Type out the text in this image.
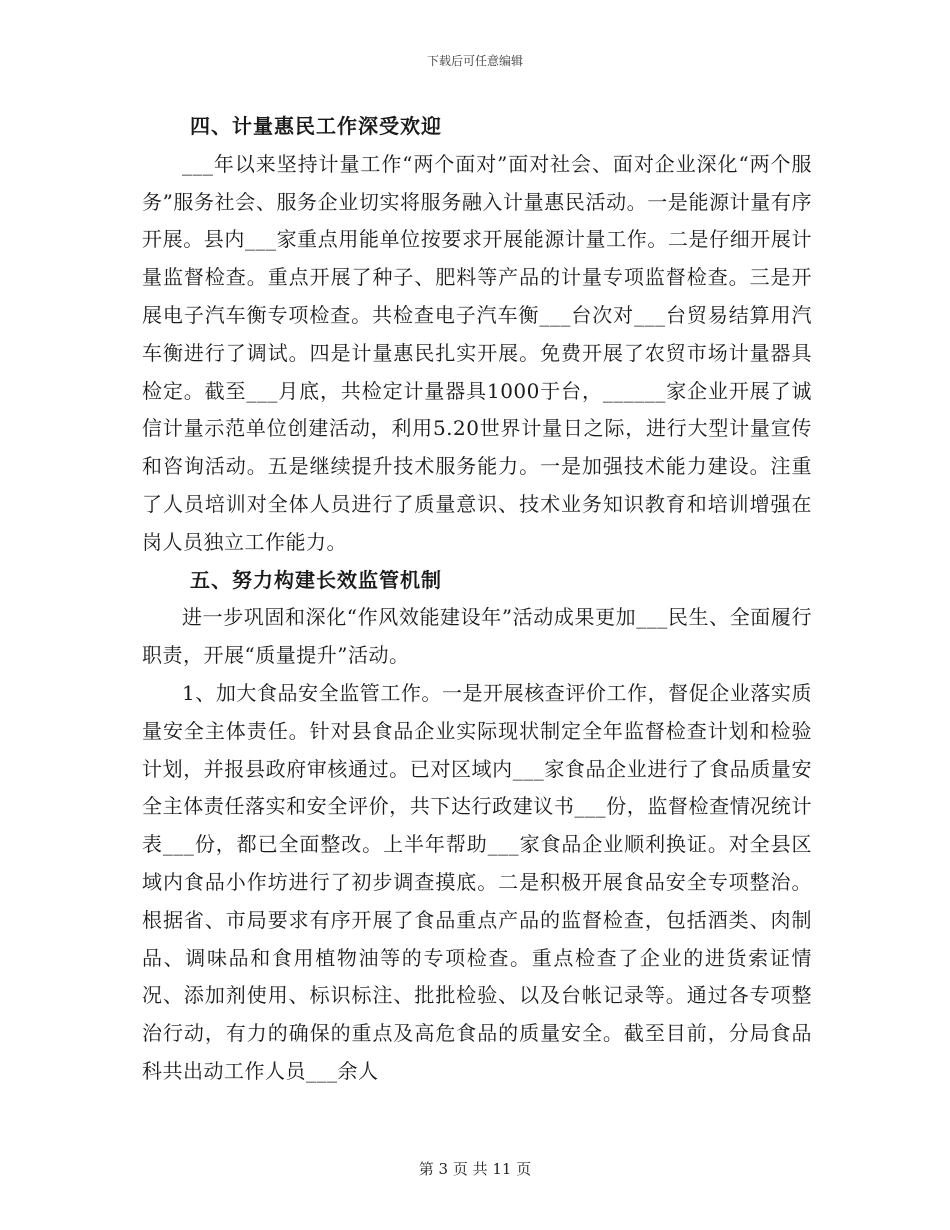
下载后可任意编辑

四、计量惠民工作深受欢迎

___年以来坚持计量工作“两个面对”面对社会、面对企业深化“两个服务”服务社会、服务企业切实将服务融入计量惠民活动。一是能源计量有序开展。县内___家重点用能单位按要求开展能源计量工作。二是仔细开展计量监督检查。重点开展了种子、肥料等产品的计量专项监督检查。三是开展电子汽车衡专项检查。共检查电子汽车衡___台次对___台贸易结算用汽车衡进行了调试。四是计量惠民扎实开展。免费开展了农贸市场计量器具检定。截至___月底，共检定计量器具1000于台，______家企业开展了诚信计量示范单位创建活动，利用5.20世界计量日之际，进行大型计量宣传和咨询活动。五是继续提升技术服务能力。一是加强技术能力建设。注重了人员培训对全体人员进行了质量意识、技术业务知识教育和培训增强在岗人员独立工作能力。

五、努力构建长效监管机制

进一步巩固和深化“作风效能建设年”活动成果更加___民生、全面履行职责，开展“质量提升”活动。

1、加大食品安全监管工作。一是开展核查评价工作，督促企业落实质量安全主体责任。针对县食品企业实际现状制定全年监督检查计划和检验计划，并报县政府审核通过。已对区域内___家食品企业进行了食品质量安全主体责任落实和安全评价，共下达行政建议书___份，监督检查情况统计表___份，都已全面整改。上半年帮助___家食品企业顺利换证。对全县区域内食品小作坊进行了初步调查摸底。二是积极开展食品安全专项整治。根据省、市局要求有序开展了食品重点产品的监督检查，包括酒类、肉制品、调味品和食用植物油等的专项检查。重点检查了企业的进货索证情况、添加剂使用、标识标注、批批检验、以及台帐记录等。通过各专项整治行动，有力的确保的重点及高危食品的质量安全。截至目前，分局食品科共出动工作人员___余人

第 3 页 共 11 页
